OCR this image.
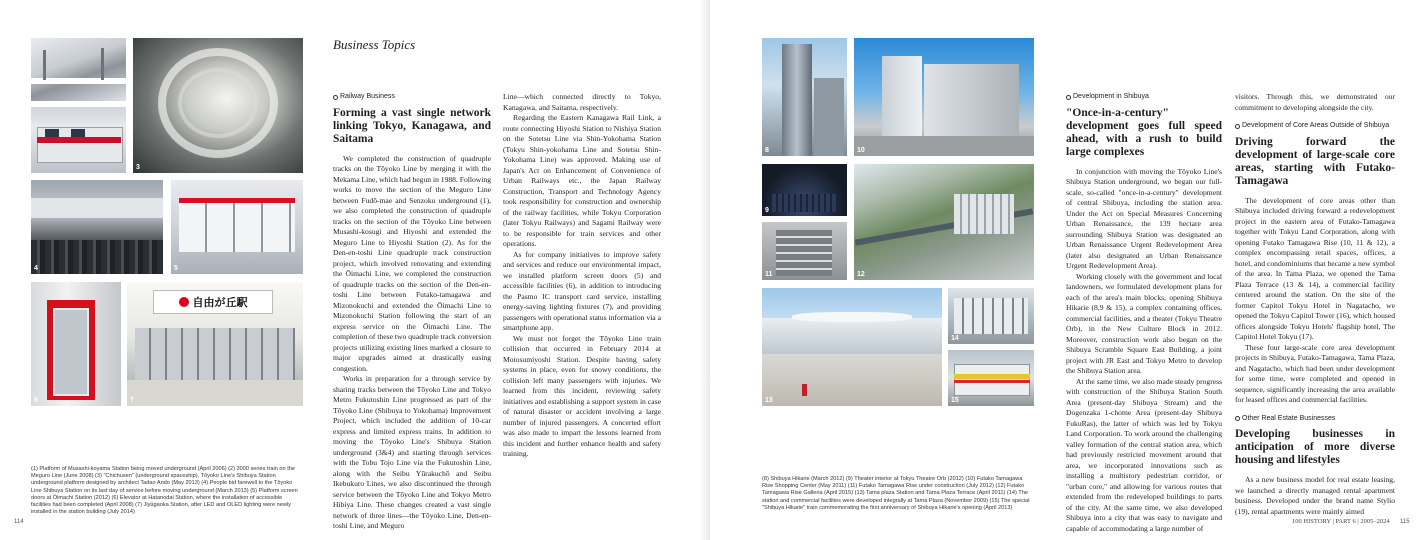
3
4	5
6
自由が丘駅
7
(1) Platform of Musashi-koyama Station being moved underground (April 2006) (2) 3000 series train on the Meguro Line (June 2008) (3) "Chichusen" (underground spaceship), Tōyoko Line's Shibuya Station underground platform designed by architect Tadao Ando (May 2013) (4) People bid farewell to the Tōyoko Line Shibuya Station on its last day of service before moving underground (March 2013) (5) Platform screen doors at Ōimachi Station (2012) (6) Elevator at Hatanodai Station, where the installation of accessible facilities had been completed (April 2008) (7) Jiyūgaoka Station, after LED and OLED lighting were newly installed in the station building (July 2014)
Business Topics
Railway Business
Forming a vast single network linking Tokyo, Kanagawa, and Saitama

We completed the construction of quadruple tracks on the Tōyoko Line by merging it with the Mekama Line, which had begun in 1988. Following works to move the section of the Meguro Line between Fudō-mae and Senzoku underground (1), we also completed the construction of quadruple tracks on the section of the Tōyoko Line between Musashi-kosugi and Hiyoshi and extended the Meguro Line to Hiyoshi Station (2). As for the Den-en-toshi Line quadruple track construction project, which involved renovating and extending the Ōimachi Line, we completed the construction of quadruple tracks on the section of the Den-en-toshi Line between Futako-tamagawa and Mizonokuchi and extended the Ōimachi Line to Mizonokuchi Station following the start of an express service on the Ōimachi Line. The completion of these two quadruple track conversion projects utilizing existing lines marked a closure to major upgrades aimed at drastically easing congestion.

Works in preparation for a through service by sharing tracks between the Tōyoko Line and Tokyo Metro Fukutoshin Line progressed as part of the Tōyoko Line (Shibuya to Yokohama) Improvement Project, which included the addition of 10-car express and limited express trains. In addition to moving the Tōyoko Line's Shibuya Station underground (3&4) and starting through services with the Tobu Tojo Line via the Fukutoshin Line, along with the Seibu Yūrakuchō and Seibu Ikebukuro Lines, we also discontinued the through service between the Tōyoko Line and Tokyo Metro Hibiya Line. These changes created a vast single network of three lines—the Tōyoko Line, Den-en-toshi Line, and Meguro

Line—which connected directly to Tokyo, Kanagawa, and Saitama, respectively.

Regarding the Eastern Kanagawa Rail Link, a route connecting Hiyoshi Station to Nishiya Station on the Sotetsu Line via Shin-Yokohama Station (Tokyu Shin-yokohama Line and Sotetsu Shin-Yokohama Line) was approved. Making use of Japan's Act on Enhancement of Convenience of Urban Railways etc., the Japan Railway Construction, Transport and Technology Agency took responsibility for construction and ownership of the railway facilities, while Tokyu Corporation (later Tokyu Railways) and Sagami Railway were to be responsible for train services and other operations.

As for company initiatives to improve safety and services and reduce our environmental impact, we installed platform screen doors (5) and accessible facilities (6), in addition to introducing the Pasmo IC transport card service, installing energy-saving lighting fixtures (7), and providing passengers with operational status information via a smartphone app.

We must not forget the Tōyoko Line train collision that occurred in February 2014 at Motosumiyoshi Station. Despite having safety systems in place, even for snowy conditions, the collision left many passengers with injuries. We learned from this incident, reviewing safety initiatives and establishing a support system in case of natural disaster or accident involving a large number of injured passengers. A concerted effort was also made to impart the lessons learned from this incident and further enhance health and safety training.

114
8	10
9
11	12
13
14
15
(8) Shibuya Hikarie (March 2012) (9) Theater interior at Tokyu Theatre Orb (2012) (10) Futako Tamagawa Rise Shopping Center (May 2011) (11) Futako Tamagawa Rise under construction (July 2012) (12) Futako Tamagawa Rise Galleria (April 2015) (13) Tama plaza Station and Tama Plaza Terrace (April 2011) (14) The station and commercial facilities were developed integrally at Tama Plaza (November 2009) (15) The special "Shibuya Hikarie" train commemorating the first anniversary of Shibuya Hikarie's opening (April 2013)
Development in Shibuya
"Once-in-a-century" development goes full speed ahead, with a rush to build large complexes

In conjunction with moving the Tōyoko Line's Shibuya Station underground, we began our full-scale, so-called "once-in-a-century" development of central Shibuya, including the station area. Under the Act on Special Measures Concerning Urban Renaissance, the 139 hectare area surrounding Shibuya Station was designated an Urban Renaissance Urgent Redevelopment Area (later also designated an Urban Renaissance Urgent Redevelopment Area).

Working closely with the government and local landowners, we formulated development plans for each of the area's main blocks, opening Shibuya Hikarie (8,9 & 15), a complex containing offices, commercial facilities, and a theater (Tokyu Theatre Orb), in the New Culture Block in 2012. Moreover, construction work also began on the Shibuya Scramble Square East Building, a joint project with JR East and Tokyo Metro to develop the Shibuya Station area.

At the same time, we also made steady progress with construction of the Shibuya Station South Area (present-day Shibuya Stream) and the Dogenzaka 1-chome Area (present-day Shibuya FukuRas), the latter of which was led by Tokyu Land Corporation. To work around the challenging valley formation of the central station area, which had previously restricted movement around that area, we incorporated innovations such as installing a multistory pedestrian corridor, or "urban core," and allowing for various routes that extended from the redeveloped buildings to parts of the city. At the same time, we also developed Shibuya into a city that was easy to navigate and capable of accommodating a large number of

visitors. Through this, we demonstrated our commitment to developing alongside the city.

Development of Core Areas Outside of Shibuya
Driving forward the development of large-scale core areas, starting with Futako-Tamagawa

The development of core areas other than Shibuya included driving forward a redevelopment project in the eastern area of Futako-Tamagawa together with Tokyu Land Corporation, along with opening Futako Tamagawa Rise (10, 11 & 12), a complex encompassing retail spaces, offices, a hotel, and condominiums that became a new symbol of the area. In Tama Plaza, we opened the Tama Plaza Terrace (13 & 14), a commercial facility centered around the station. On the site of the former Capitol Tokyu Hotel in Nagatacho, we opened the Tokyu Capitol Tower (16), which housed offices alongside Tokyu Hotels' flagship hotel, The Capitol Hotel Tokyu (17).

These four large-scale core area development projects in Shibuya, Futako-Tamagawa, Tama Plaza, and Nagatacho, which had been under development for some time, were completed and opened in sequence, significantly increasing the area available for leased offices and commercial facilities.

Other Real Estate Businesses
Developing businesses in anticipation of more diverse housing and lifestyles

As a new business model for real estate leasing, we launched a directly managed rental apartment business. Developed under the brand name Stylio (19), rental apartments were mainly aimed

100 HISTORY | PART 6 | 2005–2024 115
